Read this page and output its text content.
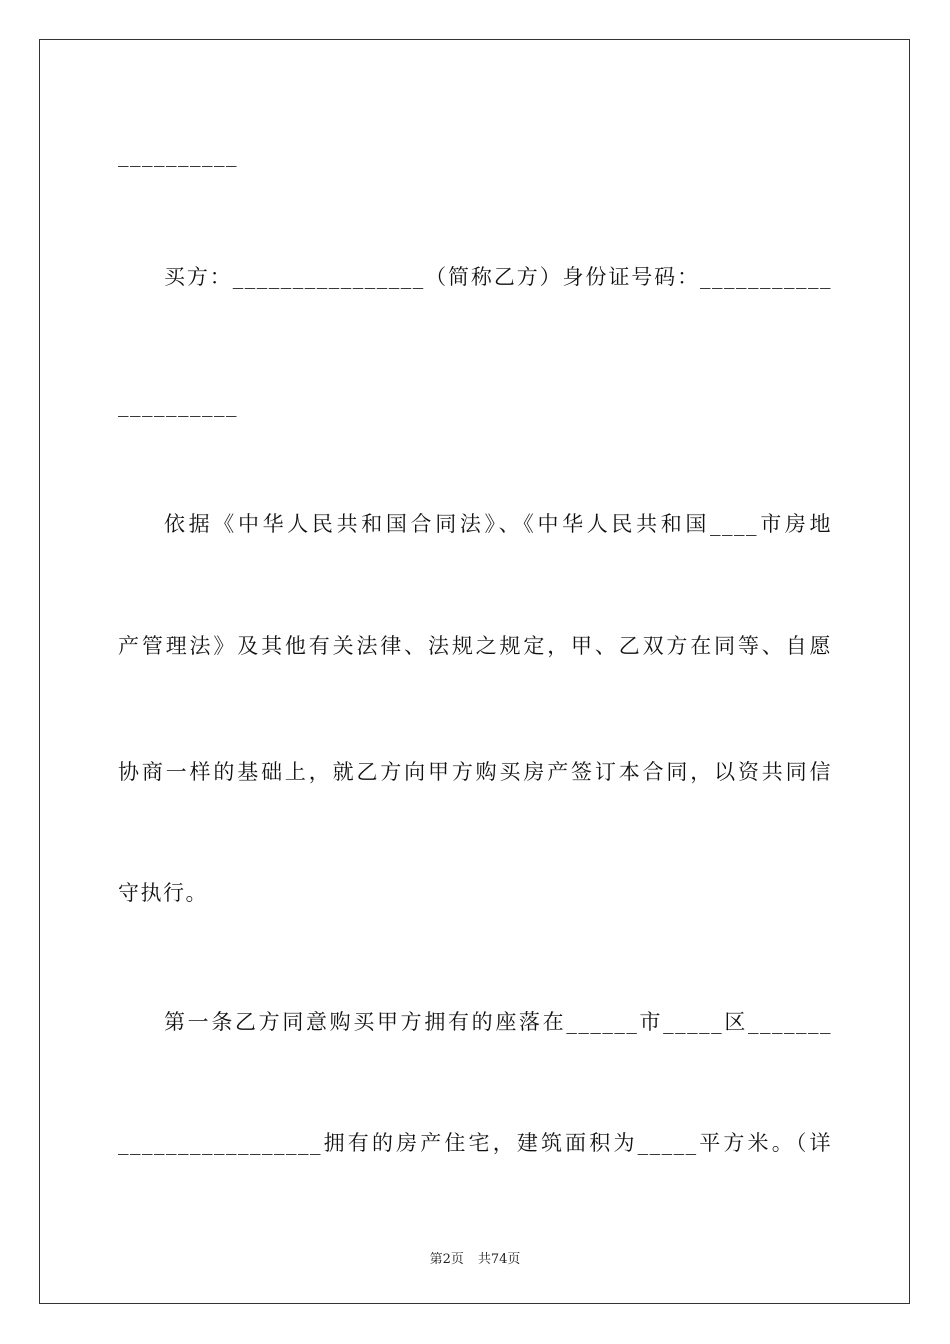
__________
买方：________________（简称乙方）身份证号码：___________
__________
依据《中华人民共和国合同法》、《中华人民共和国____市房地
产管理法》及其他有关法律、法规之规定，甲、乙双方在同等、自愿
协商一样的基础上，就乙方向甲方购买房产签订本合同，以资共同信
守执行。
第一条乙方同意购买甲方拥有的座落在______市_____区_______
_________________拥有的房产住宅，建筑面积为_____平方米。（详
第2页 共74页
